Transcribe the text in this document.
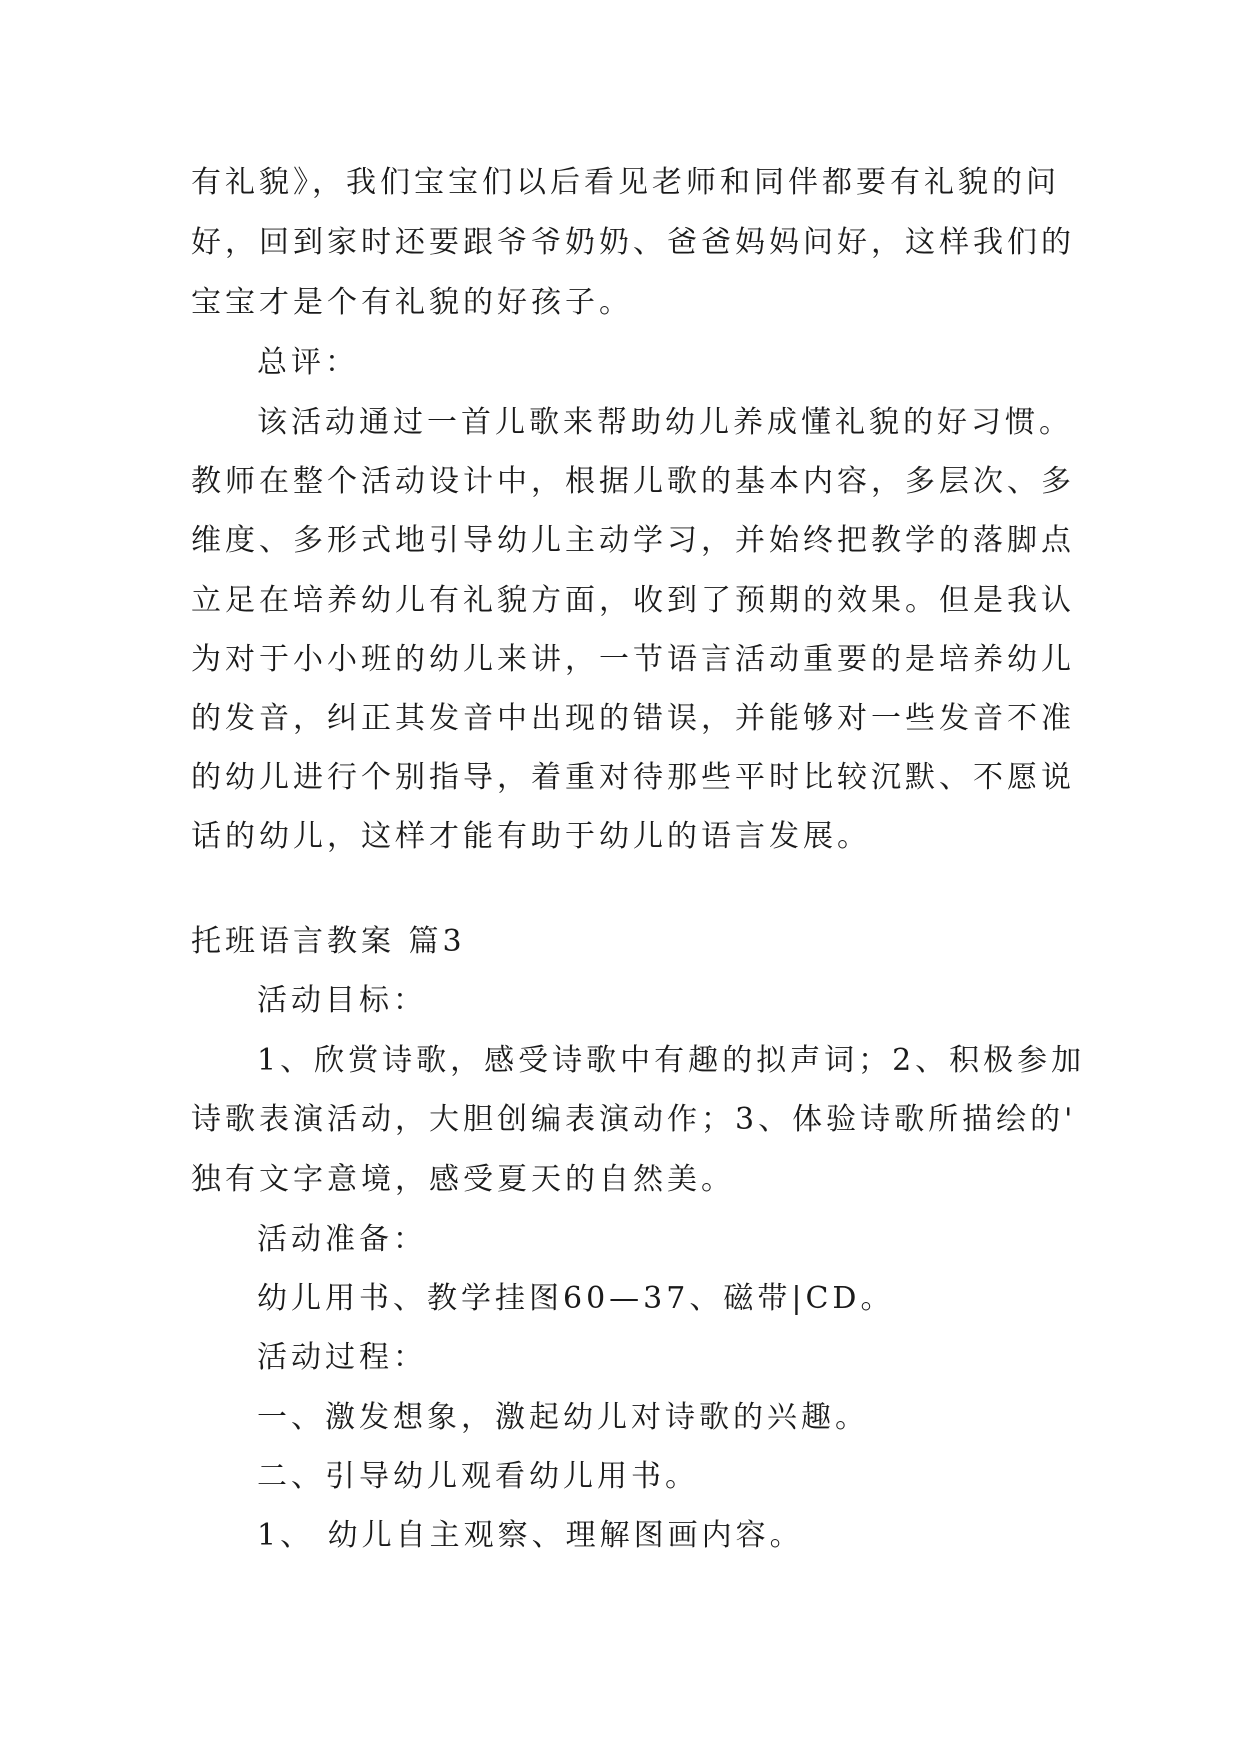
有礼貌》，我们宝宝们以后看见老师和同伴都要有礼貌的问
好，回到家时还要跟爷爷奶奶、爸爸妈妈问好，这样我们的
宝宝才是个有礼貌的好孩子。
总评：
该活动通过一首儿歌来帮助幼儿养成懂礼貌的好习惯。
教师在整个活动设计中，根据儿歌的基本内容，多层次、多
维度、多形式地引导幼儿主动学习，并始终把教学的落脚点
立足在培养幼儿有礼貌方面，收到了预期的效果。但是我认
为对于小小班的幼儿来讲，一节语言活动重要的是培养幼儿
的发音，纠正其发音中出现的错误，并能够对一些发音不准
的幼儿进行个别指导，着重对待那些平时比较沉默、不愿说
话的幼儿，这样才能有助于幼儿的语言发展。
托班语言教案 篇3
活动目标：
1、欣赏诗歌，感受诗歌中有趣的拟声词；2、积极参加
诗歌表演活动，大胆创编表演动作；3、体验诗歌所描绘的'
独有文字意境，感受夏天的自然美。
活动准备：
幼儿用书、教学挂图60—37、磁带|CD。
活动过程：
一、激发想象，激起幼儿对诗歌的兴趣。
二、引导幼儿观看幼儿用书。
1、 幼儿自主观察、理解图画内容。
